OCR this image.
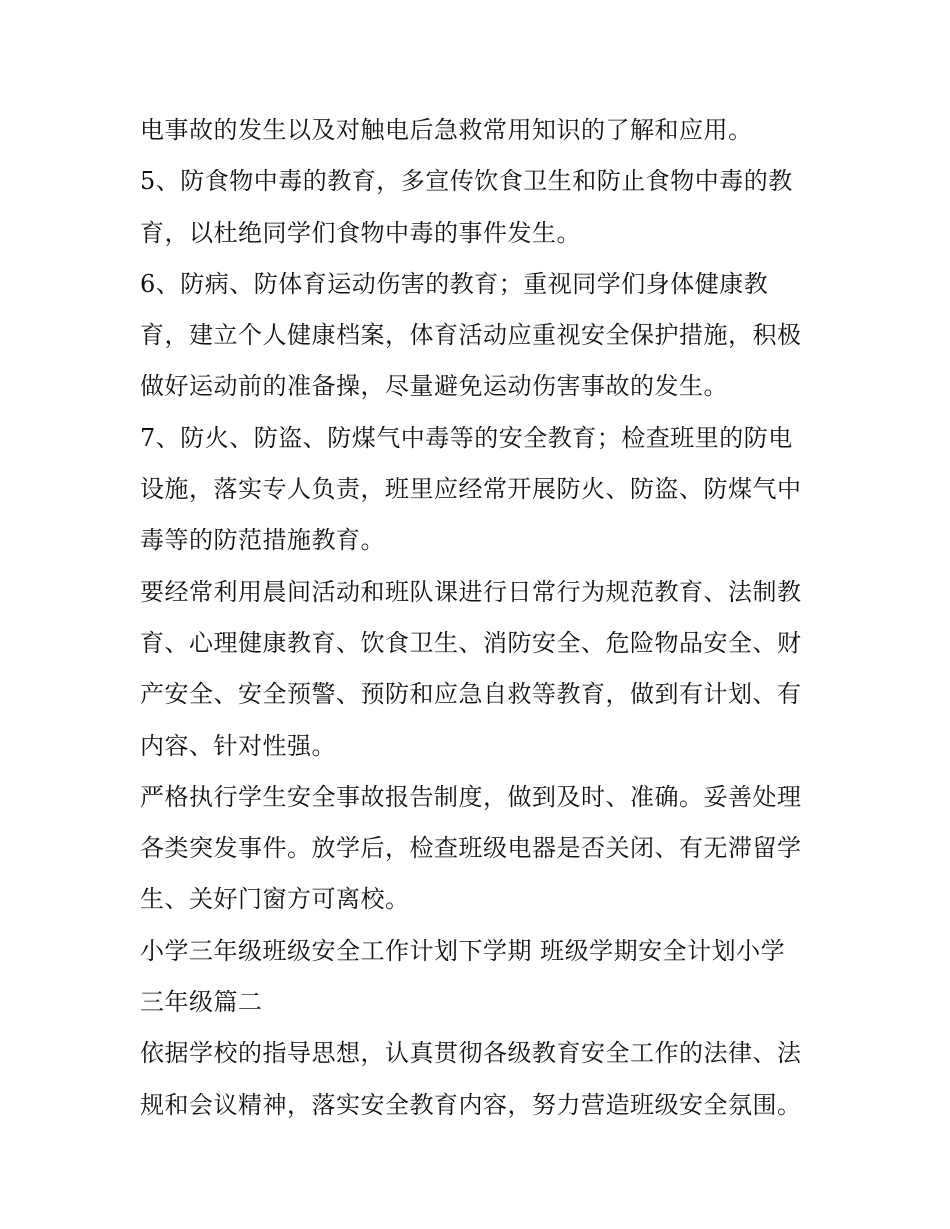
电事故的发生以及对触电后急救常用知识的了解和应用。
5、防食物中毒的教育，多宣传饮食卫生和防止食物中毒的教
育，以杜绝同学们食物中毒的事件发生。
6、防病、防体育运动伤害的教育；重视同学们身体健康教
育，建立个人健康档案，体育活动应重视安全保护措施，积极
做好运动前的准备操，尽量避免运动伤害事故的发生。
7、防火、防盗、防煤气中毒等的安全教育；检查班里的防电
设施，落实专人负责，班里应经常开展防火、防盗、防煤气中
毒等的防范措施教育。
要经常利用晨间活动和班队课进行日常行为规范教育、法制教
育、心理健康教育、饮食卫生、消防安全、危险物品安全、财
产安全、安全预警、预防和应急自救等教育，做到有计划、有
内容、针对性强。
严格执行学生安全事故报告制度，做到及时、准确。妥善处理
各类突发事件。放学后，检查班级电器是否关闭、有无滞留学
生、关好门窗方可离校。
小学三年级班级安全工作计划下学期 班级学期安全计划小学
三年级篇二
依据学校的指导思想，认真贯彻各级教育安全工作的法律、法
规和会议精神，落实安全教育内容，努力营造班级安全氛围。
